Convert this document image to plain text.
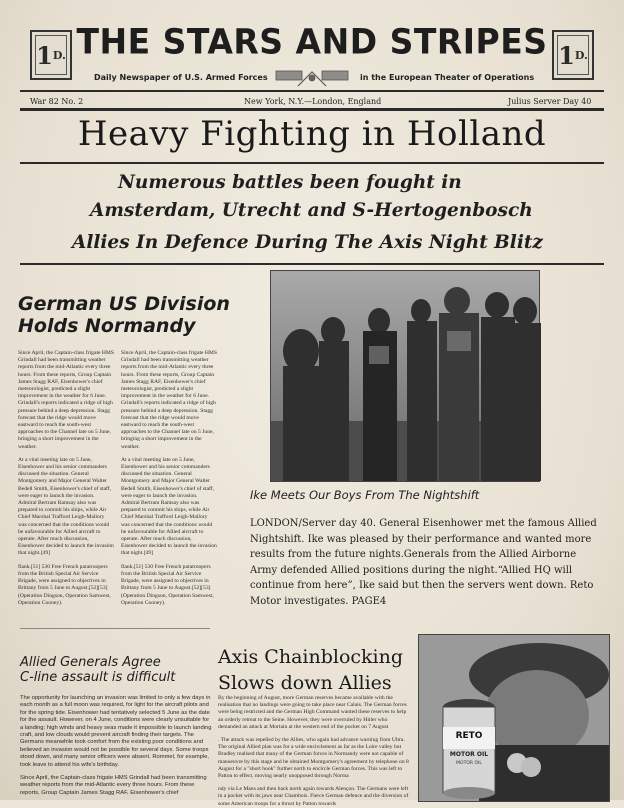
1 D.	1 D.
THE STARS AND STRIPES
Daily Newspaper of U.S. Armed Forces	in the European Theater of Operations
War 82 No. 2	New York, N.Y.—London, England	Julius Server Day 40
Heavy Fighting in Holland
Numerous battles been fought in
Amsterdam, Utrecht and S-Hertogenbosch
Allies In Defence During The Axis Night Blitz
German US Division
Holds Normandy

Since April, the Captain-class frigate HMS Grindall had been transmitting weather reports from the mid-Atlantic every three hours. From these reports, Group Captain James Stagg RAF, Eisenhower's chief meteorologist, predicted a slight improvement in the weather for 6 June. Grindall's reports indicated a ridge of high pressure behind a deep depression. Stagg forecast that the ridge would move eastward to reach the south-west approaches to the Channel late on 5 June, bringing a short improvement in the weather.

At a vital meeting late on 5 June, Eisenhower and his senior commanders discussed the situation. General Montgomery and Major General Walter Bedell Smith, Eisenhower's chief of staff, were eager to launch the invasion. Admiral Bertram Ramsay also was prepared to commit his ships, while Air Chief Marshal Trafford Leigh-Mallory was concerned that the conditions would be unfavourable for Allied aircraft to operate. After much discussion, Eisenhower decided to launch the invasion that night.[49]

flank.[51] 530 Free French paratroopers from the British Special Air Service Brigade, were assigned to objectives in Brittany from 5 June to August.[52][53] (Operation Dingson, Operation Samwest, Operation Cooney).

Since April, the Captain-class frigate HMS Grindall had been transmitting weather reports from the mid-Atlantic every three hours. From these reports, Group Captain James Stagg RAF, Eisenhower's chief meteorologist, predicted a slight improvement in the weather for 6 June. Grindall's reports indicated a ridge of high pressure behind a deep depression. Stagg forecast that the ridge would move eastward to reach the south-west approaches to the Channel late on 5 June, bringing a short improvement in the weather.

At a vital meeting late on 5 June, Eisenhower and his senior commanders discussed the situation. General Montgomery and Major General Walter Bedell Smith, Eisenhower's chief of staff, were eager to launch the invasion. Admiral Bertram Ramsay also was prepared to commit his ships, while Air Chief Marshal Trafford Leigh-Mallory was concerned that the conditions would be unfavourable for Allied aircraft to operate. After much discussion, Eisenhower decided to launch the invasion that night.[49]

flank.[51] 530 Free French paratroopers from the British Special Air Service Brigade, were assigned to objectives in Brittany from 5 June to August.[52][53] (Operation Dingson, Operation Samwest, Operation Cooney).

Ike Meets Our Boys From The Nightshift
LONDON/Server day 40. General Eisenhower met the famous Allied Nightshift. Ike was pleased by their performance and wanted more results from the future nights.Generals from the Allied Airborne Army defended Allied positions during the night.“Allied HQ will continue from here”, Ike said but then the servers went down. Reto Motor investigates. PAGE4
Allied Generals Agree
C-line assault is difficult

The opportunity for launching an invasion was limited to only a few days in each month as a full moon was required, for light for the aircraft pilots and for the spring tide. Eisenhower had tentatively selected 5 June as the date for the assault. However, on 4 June, conditions were clearly unsuitable for a landing; high winds and heavy seas made it impossible to launch landing craft, and low clouds would prevent aircraft finding their targets. The Germans meanwhile took comfort from the existing poor conditions and believed an invasion would not be possible for several days. Some troops stood down, and many senior officers were absent. Rommel, for example, took leave to attend his wife's birthday.

Since April, the Captain-class frigate HMS Grindall had been transmitting weather reports from the mid-Atlantic every three hours. From these reports, Group Captain James Stagg RAF, Eisenhower's chief

Axis Chainblocking
Slows down Allies

By the beginning of August, more German reserves became available with the realisation that no landings were going to take place near Calais. The German forces were being restricted and the German High Command wanted these reserves to help an orderly retreat to the Seine. However, they were overruled by Hitler who demanded an attack at Mortain at the western end of the pocket on 7 August

. The attack was repelled by the Allies, who again had advance warning from Ultra. The original Allied plan was for a wide encirclement as far as the Loire valley but Bradley realised that many of the German forces in Normandy were not capable of manoeuvre by this stage and he obtained Montgomery's agreement by telephone on 8 August for a "short hook" further north to encircle German forces. This was left to Patton to effect, moving nearly unopposed through Norma

ndy via Le Mans and then back north again towards Alençon. The Germans were left in a pocket with its jaws near Chambois. Fierce German defence and the diversion of some American troops for a thrust by Patton towards

RETO
MOTOR OIL
MOTOR OIL
